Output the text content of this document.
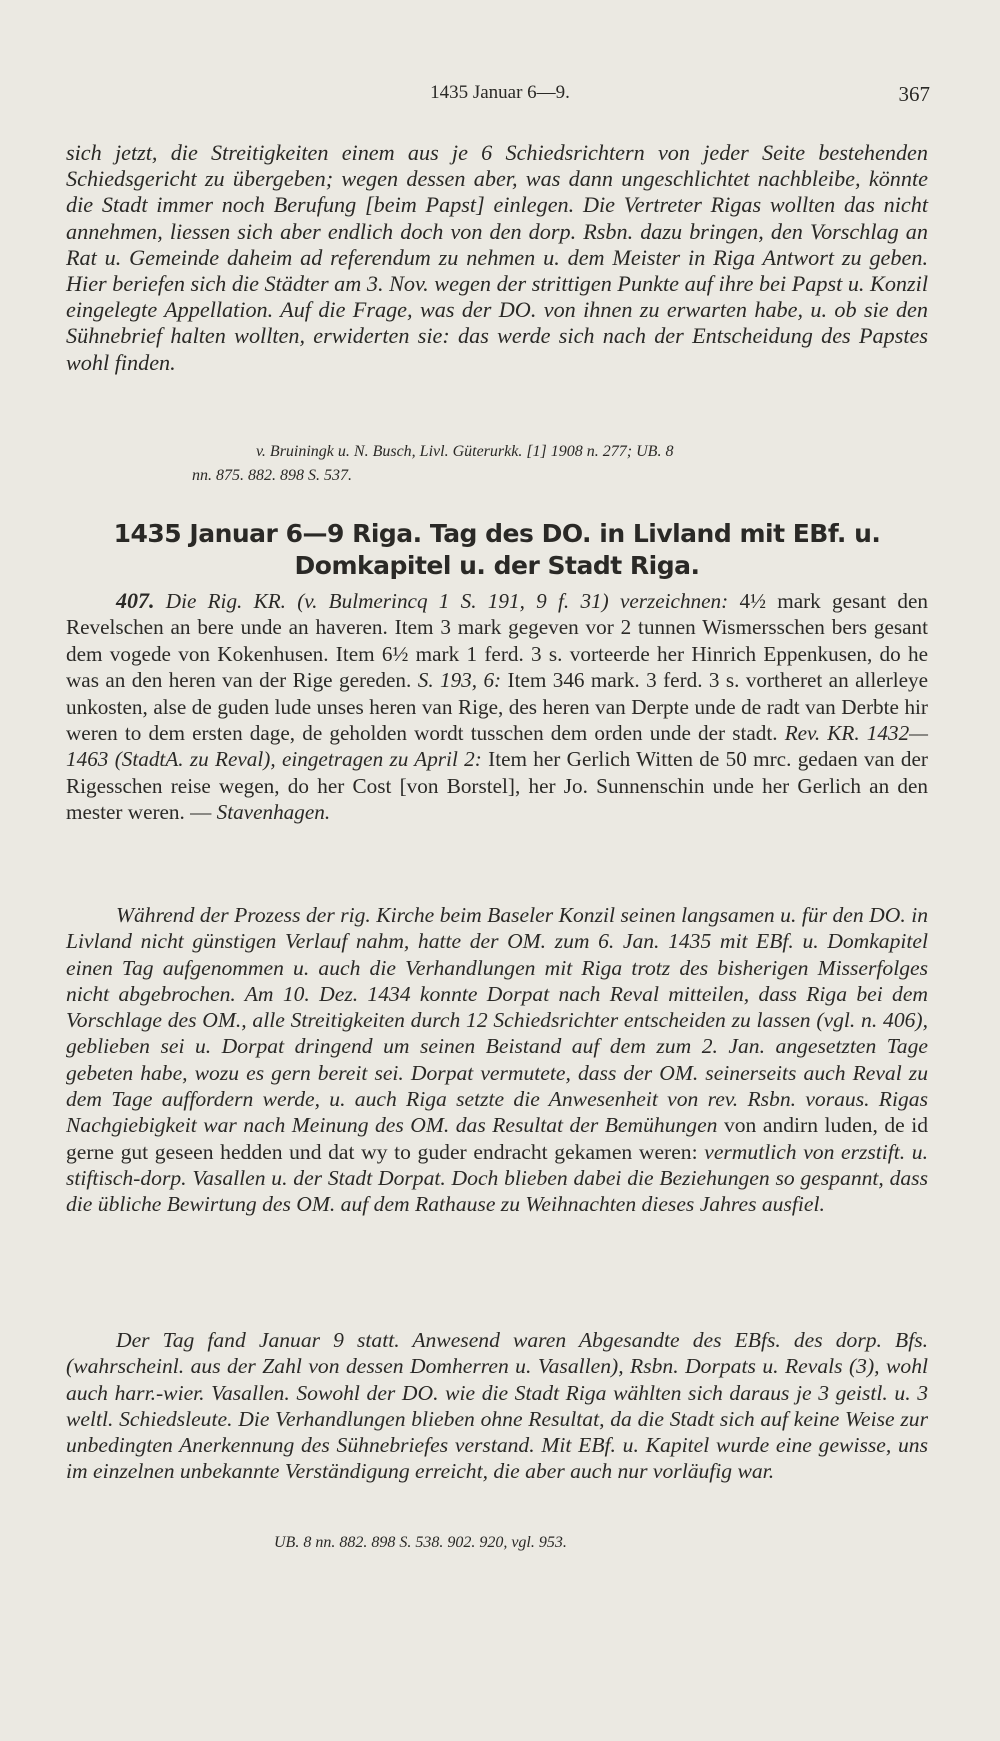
1435 Januar 6—9.	367
sich jetzt, die Streitigkeiten einem aus je 6 Schiedsrichtern von jeder Seite bestehenden Schiedsgericht zu übergeben; wegen dessen aber, was dann ungeschlichtet nachbleibe, könnte die Stadt immer noch Berufung [beim Papst] einlegen. Die Vertreter Rigas wollten das nicht annehmen, liessen sich aber endlich doch von den dorp. Rsbn. dazu bringen, den Vorschlag an Rat u. Gemeinde daheim ad referendum zu nehmen u. dem Meister in Riga Antwort zu geben. Hier beriefen sich die Städter am 3. Nov. wegen der strittigen Punkte auf ihre bei Papst u. Konzil eingelegte Appellation. Auf die Frage, was der DO. von ihnen zu erwarten habe, u. ob sie den Sühnebrief halten wollten, erwiderten sie: das werde sich nach der Entscheidung des Papstes wohl finden.
v. Bruiningk u. N. Busch, Livl. Güterurkk. [1] 1908 n. 277; UB. 8
nn. 875. 882. 898 S. 537.
1435 Januar 6—9 Riga. Tag des DO. in Livland mit EBf. u. Domkapitel u. der Stadt Riga.
407. Die Rig. KR. (v. Bulmerincq 1 S. 191, 9 f. 31) verzeichnen: 4½ mark gesant den Revelschen an bere unde an haveren. Item 3 mark gegeven vor 2 tunnen Wismersschen bers gesant dem vogede von Kokenhusen. Item 6½ mark 1 ferd. 3 s. vorteerde her Hinrich Eppenkusen, do he was an den heren van der Rige gereden. S. 193, 6: Item 346 mark. 3 ferd. 3 s. vortheret an allerleye unkosten, alse de guden lude unses heren van Rige, des heren van Derpte unde de radt van Derbte hir weren to dem ersten dage, de geholden wordt tusschen dem orden unde der stadt. Rev. KR. 1432—1463 (StadtA. zu Reval), eingetragen zu April 2: Item her Gerlich Witten de 50 mrc. gedaen van der Rigesschen reise wegen, do her Cost [von Borstel], her Jo. Sunnenschin unde her Gerlich an den mester weren. — Stavenhagen.
Während der Prozess der rig. Kirche beim Baseler Konzil seinen langsamen u. für den DO. in Livland nicht günstigen Verlauf nahm, hatte der OM. zum 6. Jan. 1435 mit EBf. u. Domkapitel einen Tag aufgenommen u. auch die Verhandlungen mit Riga trotz des bisherigen Misserfolges nicht abgebrochen. Am 10. Dez. 1434 konnte Dorpat nach Reval mitteilen, dass Riga bei dem Vorschlage des OM., alle Streitigkeiten durch 12 Schiedsrichter entscheiden zu lassen (vgl. n. 406), geblieben sei u. Dorpat dringend um seinen Beistand auf dem zum 2. Jan. angesetzten Tage gebeten habe, wozu es gern bereit sei. Dorpat vermutete, dass der OM. seinerseits auch Reval zu dem Tage auffordern werde, u. auch Riga setzte die Anwesenheit von rev. Rsbn. voraus. Rigas Nachgiebigkeit war nach Meinung des OM. das Resultat der Bemühungen von andirn luden, de id gerne gut geseen hedden und dat wy to guder endracht gekamen weren: vermutlich von erzstift. u. stiftisch-dorp. Vasallen u. der Stadt Dorpat. Doch blieben dabei die Beziehungen so gespannt, dass die übliche Bewirtung des OM. auf dem Rathause zu Weihnachten dieses Jahres ausfiel.
Der Tag fand Januar 9 statt. Anwesend waren Abgesandte des EBfs. des dorp. Bfs. (wahrscheinl. aus der Zahl von dessen Domherren u. Vasallen), Rsbn. Dorpats u. Revals (3), wohl auch harr.-wier. Vasallen. Sowohl der DO. wie die Stadt Riga wählten sich daraus je 3 geistl. u. 3 weltl. Schiedsleute. Die Verhandlungen blieben ohne Resultat, da die Stadt sich auf keine Weise zur unbedingten Anerkennung des Sühnebriefes verstand. Mit EBf. u. Kapitel wurde eine gewisse, uns im einzelnen unbekannte Verständigung erreicht, die aber auch nur vorläufig war.
UB. 8 nn. 882. 898 S. 538. 902. 920, vgl. 953.
